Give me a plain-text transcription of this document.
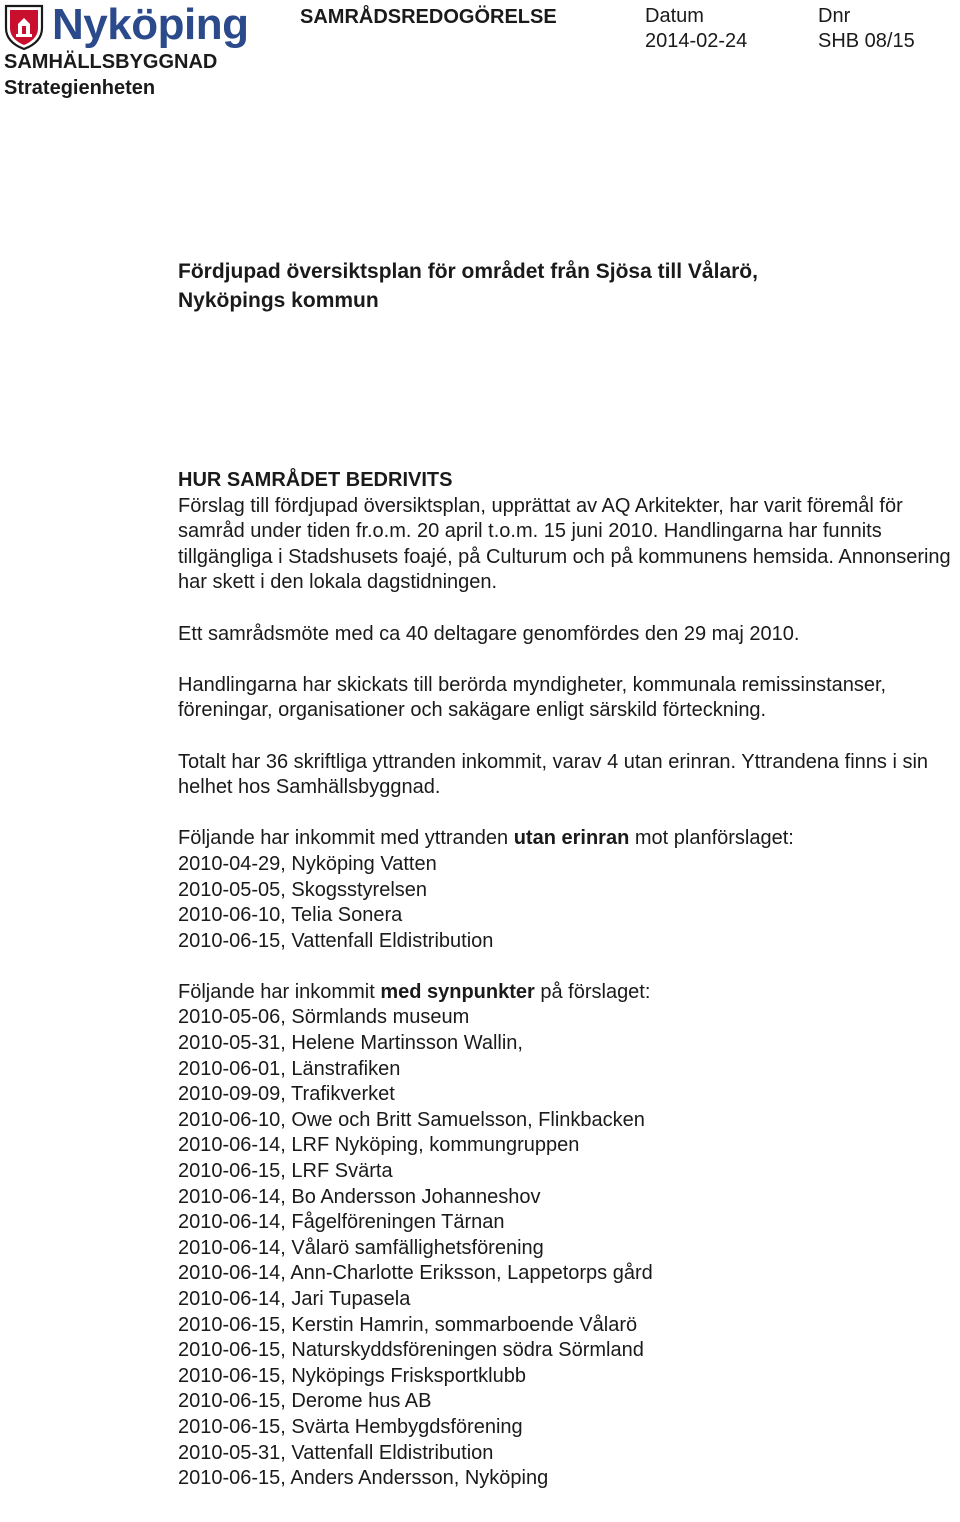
Nyköping
SAMHÄLLSBYGGNAD
Strategienheten
SAMRÅDSREDOGÖRELSE	Datum
2014-02-24
Dnr
SHB 08/15
Fördjupad översiktsplan för området från Sjösa till Vålarö,
Nyköpings kommun

HUR SAMRÅDET BEDRIVITS

Förslag till fördjupad översiktsplan, upprättat av AQ Arkitekter, har varit föremål för samråd under tiden fr.o.m. 20 april t.o.m. 15 juni 2010. Handlingarna har funnits tillgängliga i Stadshusets foajé, på Culturum och på kommunens hemsida. Annonsering har skett i den lokala dagstidningen.

Ett samrådsmöte med ca 40 deltagare genomfördes den 29 maj 2010.

Handlingarna har skickats till berörda myndigheter, kommunala remissinstanser, föreningar, organisationer och sakägare enligt särskild förteckning.

Totalt har 36 skriftliga yttranden inkommit, varav 4 utan erinran. Yttrandena finns i sin helhet hos Samhällsbyggnad.

Följande har inkommit med yttranden utan erinran mot planförslaget:

2010-04-29, Nyköping Vatten
2010-05-05, Skogsstyrelsen
2010-06-10, Telia Sonera
2010-06-15, Vattenfall Eldistribution

Följande har inkommit med synpunkter på förslaget:

2010-05-06, Sörmlands museum
2010-05-31, Helene Martinsson Wallin,
2010-06-01, Länstrafiken
2010-09-09, Trafikverket
2010-06-10, Owe och Britt Samuelsson, Flinkbacken
2010-06-14, LRF Nyköping, kommungruppen
2010-06-15, LRF Svärta
2010-06-14, Bo Andersson Johanneshov
2010-06-14, Fågelföreningen Tärnan
2010-06-14, Vålarö samfällighetsförening
2010-06-14, Ann-Charlotte Eriksson, Lappetorps gård
2010-06-14, Jari Tupasela
2010-06-15, Kerstin Hamrin, sommarboende Vålarö
2010-06-15, Naturskyddsföreningen södra Sörmland
2010-06-15, Nyköpings Frisksportklubb
2010-06-15, Derome hus AB
2010-06-15, Svärta Hembygdsförening
2010-05-31, Vattenfall Eldistribution
2010-06-15, Anders Andersson, Nyköping
